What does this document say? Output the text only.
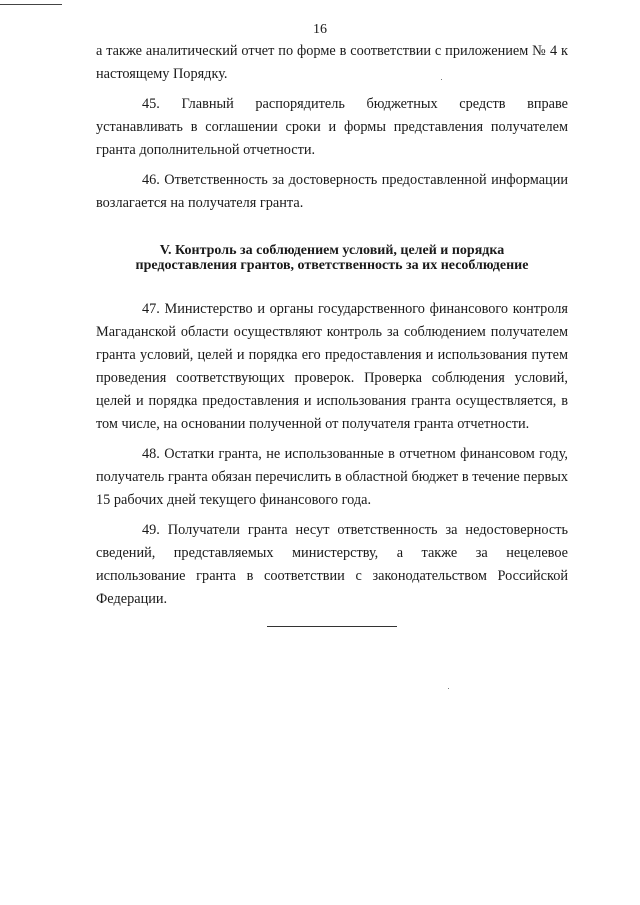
16

а также аналитический отчет по форме в соответствии с приложением № 4 к настоящему Порядку.

45. Главный распорядитель бюджетных средств вправе устанавливать в соглашении сроки и формы представления получателем гранта дополнительной отчетности.

46. Ответственность за достоверность предоставленной информации возлагается на получателя гранта.

V. Контроль за соблюдением условий, целей и порядка предоставления грантов, ответственность за их несоблюдение

47. Министерство и органы государственного финансового контроля Магаданской области осуществляют контроль за соблюдением получателем гранта условий, целей и порядка его предоставления и использования путем проведения соответствующих проверок. Проверка соблюдения условий, целей и порядка предоставления и использования гранта осуществляется, в том числе, на основании полученной от получателя гранта отчетности.

48. Остатки гранта, не использованные в отчетном финансовом году, получатель гранта обязан перечислить в областной бюджет в течение первых 15 рабочих дней текущего финансового года.

49. Получатели гранта несут ответственность за недостоверность сведений, представляемых министерству, а также за нецелевое использование гранта в соответствии с законодательством Российской Федерации.
